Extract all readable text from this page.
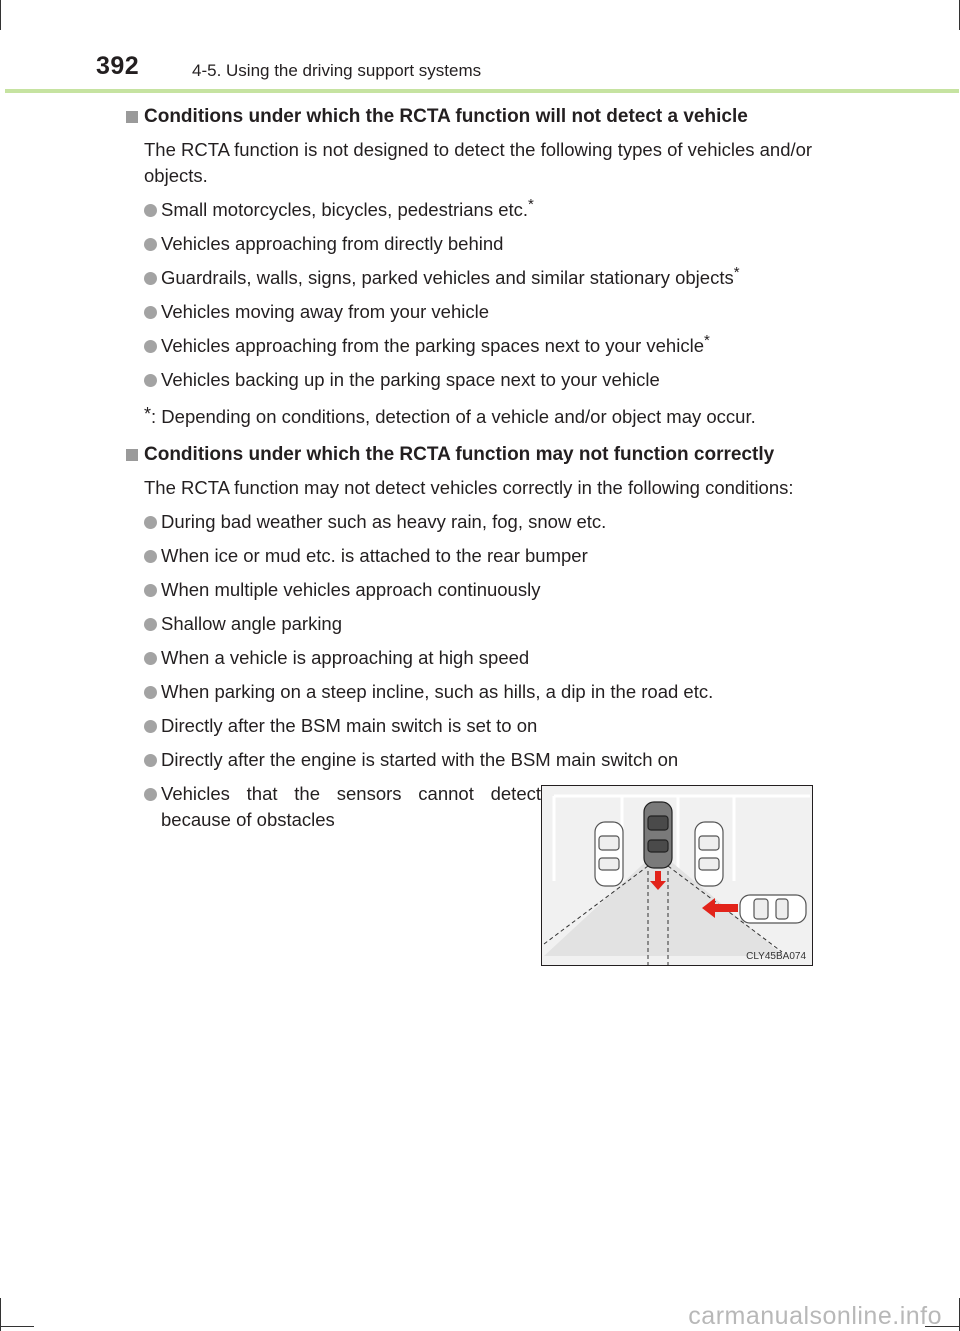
392	4-5. Using the driving support systems
Conditions under which the RCTA function will not detect a vehicle
The RCTA function is not designed to detect the following types of vehicles and/or objects.
Small motorcycles, bicycles, pedestrians etc.*
Vehicles approaching from directly behind
Guardrails, walls, signs, parked vehicles and similar stationary objects*
Vehicles moving away from your vehicle
Vehicles approaching from the parking spaces next to your vehicle*
Vehicles backing up in the parking space next to your vehicle
*: Depending on conditions, detection of a vehicle and/or object may occur.
Conditions under which the RCTA function may not function correctly
The RCTA function may not detect vehicles correctly in the following conditions:
During bad weather such as heavy rain, fog, snow etc.
When ice or mud etc. is attached to the rear bumper
When multiple vehicles approach continuously
Shallow angle parking
When a vehicle is approaching at high speed
When parking on a steep incline, such as hills, a dip in the road etc.
Directly after the BSM main switch is set to on
Directly after the engine is started with the BSM main switch on
Vehicles that the sensors cannot detect because of obstacles
CLY45BA074
carmanualsonline.info
